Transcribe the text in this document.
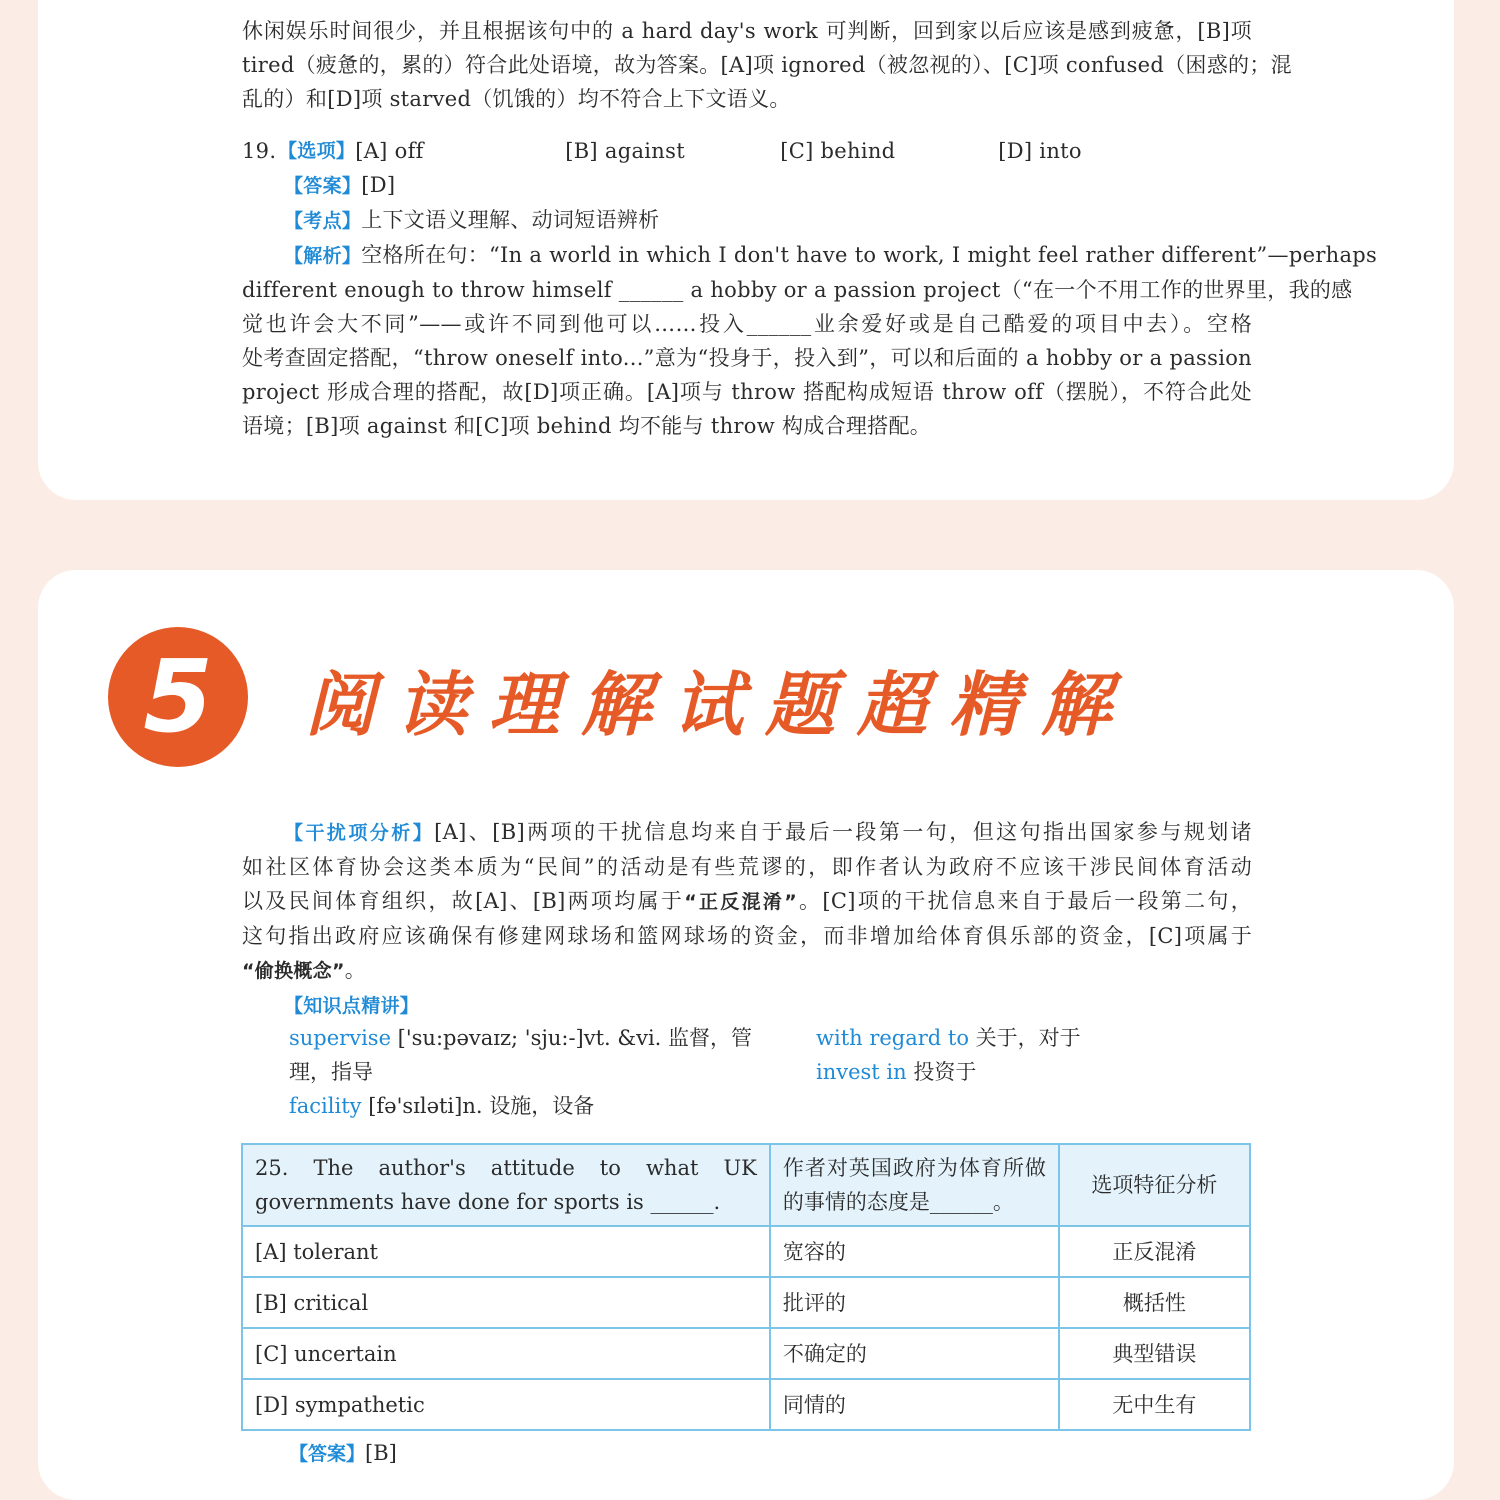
休闲娱乐时间很少，并且根据该句中的 a hard day's work 可判断，回到家以后应该是感到疲惫，[B]项
tired（疲惫的，累的）符合此处语境，故为答案。[A]项 ignored（被忽视的）、[C]项 confused（困惑的；混
乱的）和[D]项 starved（饥饿的）均不符合上下文语义。
19. 【选项】 [A] off	[B] against	[C] behind	[D] into
【答案】[D]
【考点】上下文语义理解、动词短语辨析
【解析】空格所在句：“In a world in which I don't have to work, I might feel rather different”—perhaps
different enough to throw himself ______ a hobby or a passion project（“在一个不用工作的世界里，我的感
觉也许会大不同”——或许不同到他可以……投入______业余爱好或是自己酷爱的项目中去）。空格
处考查固定搭配，“throw oneself into...”意为“投身于，投入到”，可以和后面的 a hobby or a passion
project 形成合理的搭配，故[D]项正确。[A]项与 throw 搭配构成短语 throw off（摆脱），不符合此处
语境；[B]项 against 和[C]项 behind 均不能与 throw 构成合理搭配。
5	阅读理解试题超精解
【干扰项分析】[A]、[B]两项的干扰信息均来自于最后一段第一句，但这句指出国家参与规划诸
如社区体育协会这类本质为“民间”的活动是有些荒谬的，即作者认为政府不应该干涉民间体育活动
以及民间体育组织，故[A]、[B]两项均属于“正反混淆”。[C]项的干扰信息来自于最后一段第二句，
这句指出政府应该确保有修建网球场和篮网球场的资金，而非增加给体育俱乐部的资金，[C]项属于
“偷换概念”。
【知识点精讲】
supervise ['su:pəvaɪz; 'sju:-]vt. &vi. 监督，管
理，指导
facility [fə'sɪləti]n. 设施，设备
with regard to 关于，对于
invest in 投资于
25. The author's attitude to what UK governments have done for sports is ______.	作者对英国政府为体育所做的事情的态度是______。	选项特征分析
[A] tolerant	宽容的	正反混淆
[B] critical	批评的	概括性
[C] uncertain	不确定的	典型错误
[D] sympathetic	同情的	无中生有
【答案】[B]
